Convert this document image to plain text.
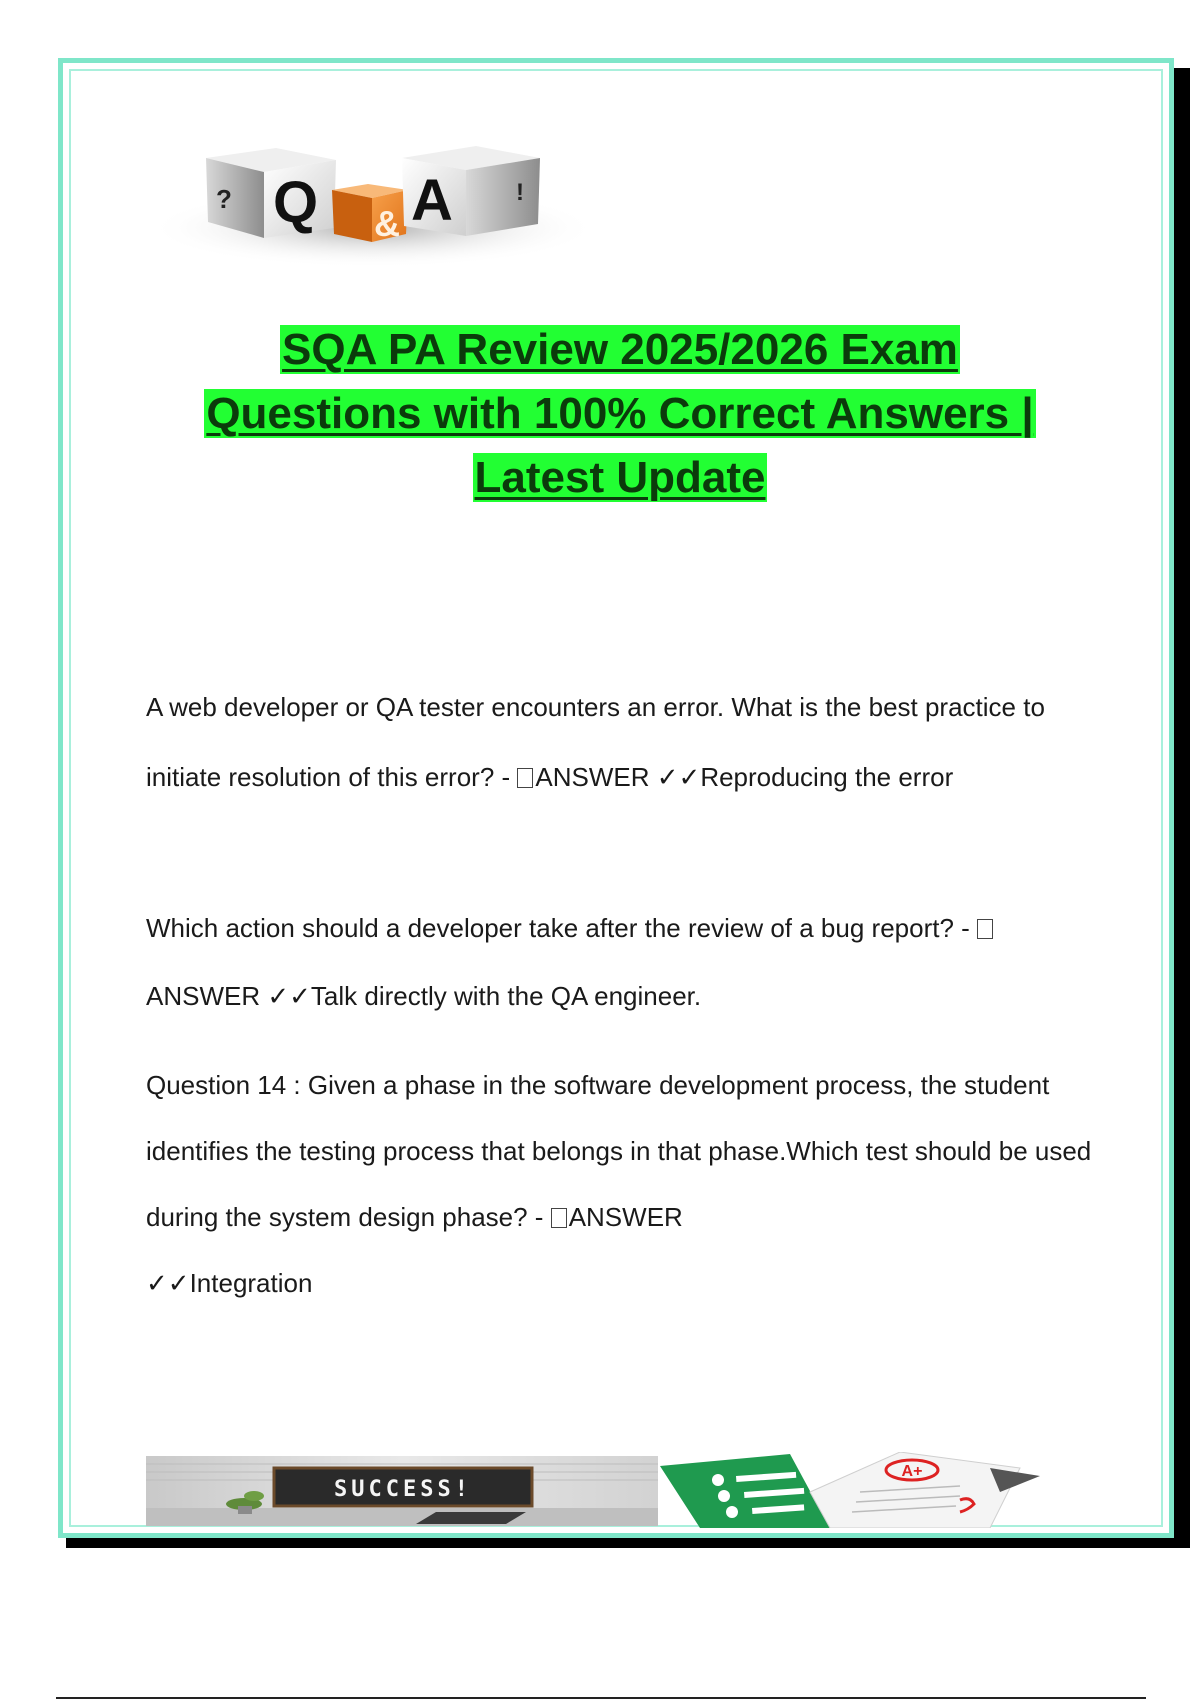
? Q & A	!
SQA PA Review 2025/2026 Exam
Questions with 100% Correct Answers |
Latest Update
A web developer or QA tester encounters an error. What is the best practice to initiate resolution of this error? - ANSWER ✓✓Reproducing the error
Which action should a developer take after the review of a bug report? - ANSWER ✓✓Talk directly with the QA engineer.
Question 14 : Given a phase in the software development process, the student identifies the testing process that belongs in that phase.Which test should be used during the system design phase? - ANSWER
✓✓Integration
SUCCESS!
A+
